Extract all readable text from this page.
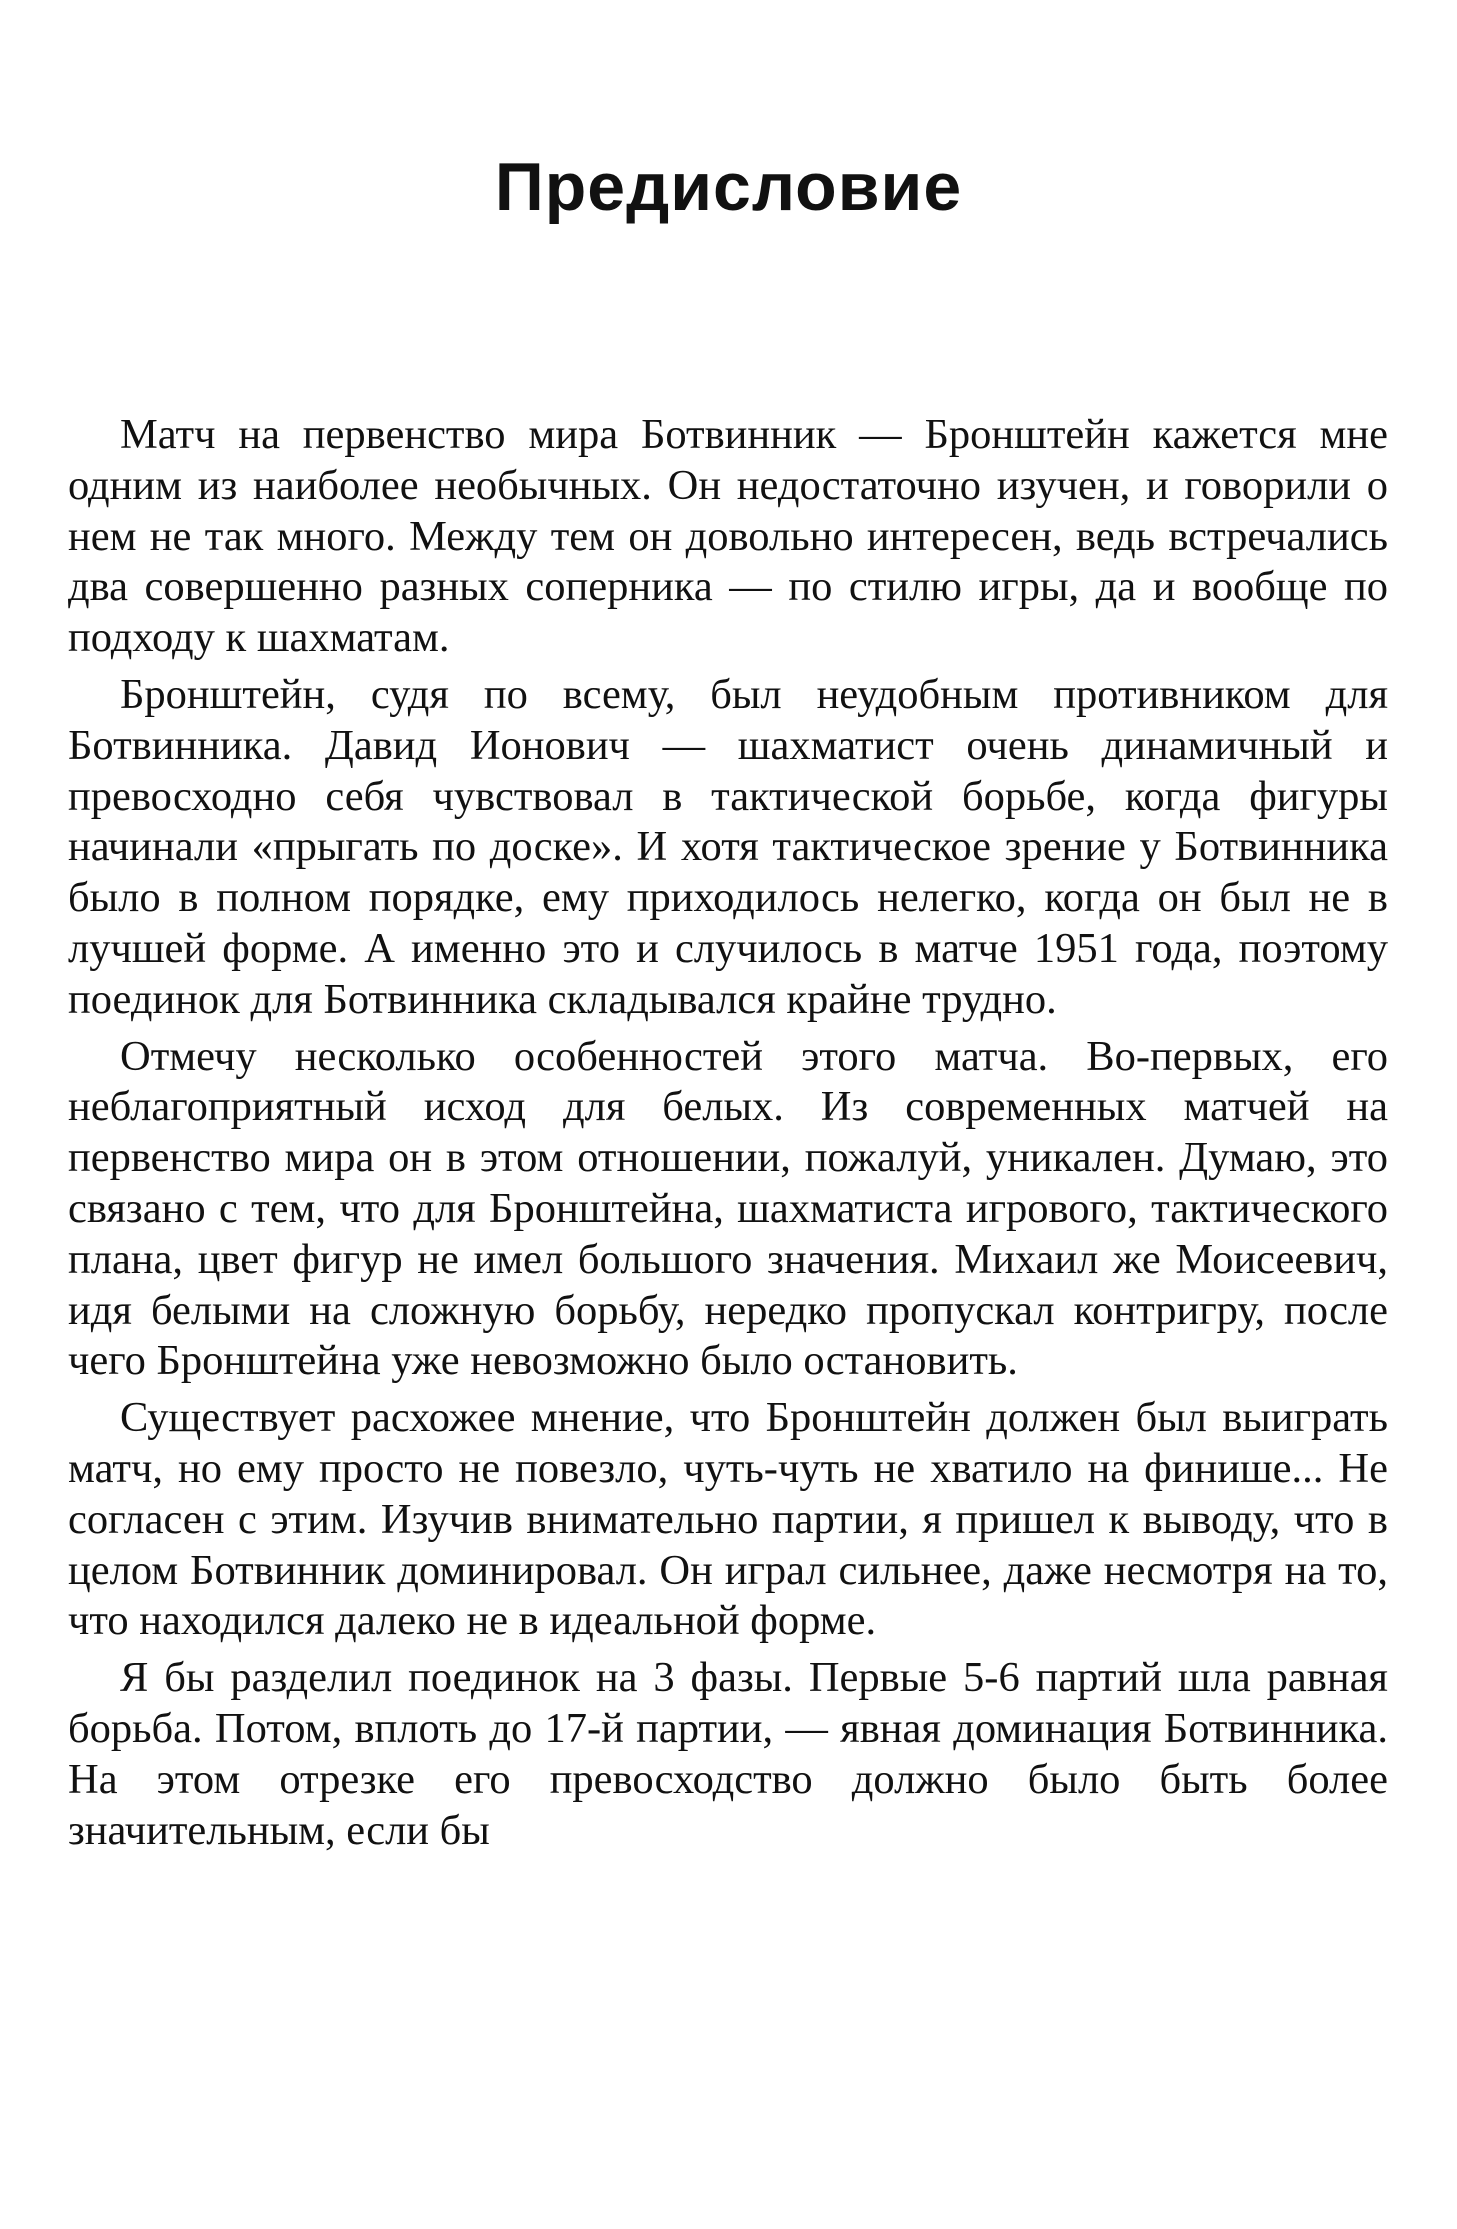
Предисловие

Матч на первенство мира Ботвинник — Бронштейн кажется мне одним из наиболее необычных. Он недостаточно изучен, и говорили о нем не так много. Между тем он довольно интересен, ведь встречались два совершенно разных соперника — по стилю игры, да и вообще по подходу к шахматам.

Бронштейн, судя по всему, был неудобным противником для Ботвинника. Давид Ионович — шахматист очень динамичный и превосходно себя чувствовал в тактической борьбе, когда фигуры начинали «прыгать по доске». И хотя тактическое зрение у Ботвинника было в полном порядке, ему приходилось нелегко, когда он был не в лучшей форме. А именно это и случилось в матче 1951 года, поэтому поединок для Ботвинника складывался крайне трудно.

Отмечу несколько особенностей этого матча. Во-первых, его неблагоприятный исход для белых. Из современных матчей на первенство мира он в этом отношении, пожалуй, уникален. Думаю, это связано с тем, что для Бронштейна, шахматиста игрового, тактического плана, цвет фигур не имел большого значения. Михаил же Моисеевич, идя белыми на сложную борьбу, нередко пропускал контригру, после чего Бронштейна уже невозможно было остановить.

Существует расхожее мнение, что Бронштейн должен был выиграть матч, но ему просто не повезло, чуть-чуть не хватило на финише... Не согласен с этим. Изучив внимательно партии, я пришел к выводу, что в целом Ботвинник доминировал. Он играл сильнее, даже несмотря на то, что находился далеко не в идеальной форме.

Я бы разделил поединок на 3 фазы. Первые 5-6 партий шла равная борьба. Потом, вплоть до 17-й партии, — явная доминация Ботвинника. На этом отрезке его превосходство должно было быть более значительным, если бы
